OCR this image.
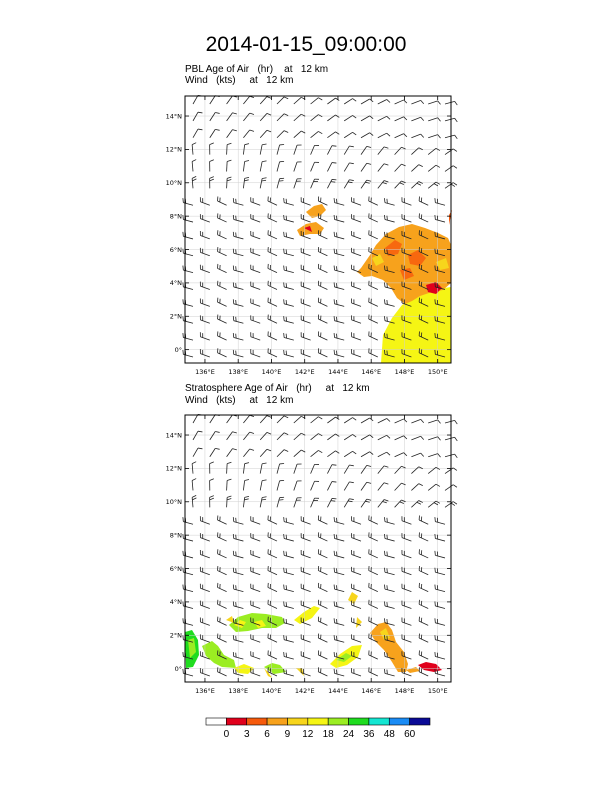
2014-01-15_09:00:00
PBL Age of Air (hr) at   12 km
Wind (kts) at   12 km
Stratosphere Age of Air (hr) at   12 km
Wind (kts) at   12 km
14°N
12°N
10°N
8°N
6°N
4°N
2°N
0°
136°E 138°E 140°E 142°E 144°E 146°E 148°E 150°E
14°N
12°N
10°N
8°N
6°N
4°N
2°N
0°
136°E 138°E 140°E 142°E 144°E 146°E 148°E 150°E
0	3	6	9	12 18 24 36 48 60
